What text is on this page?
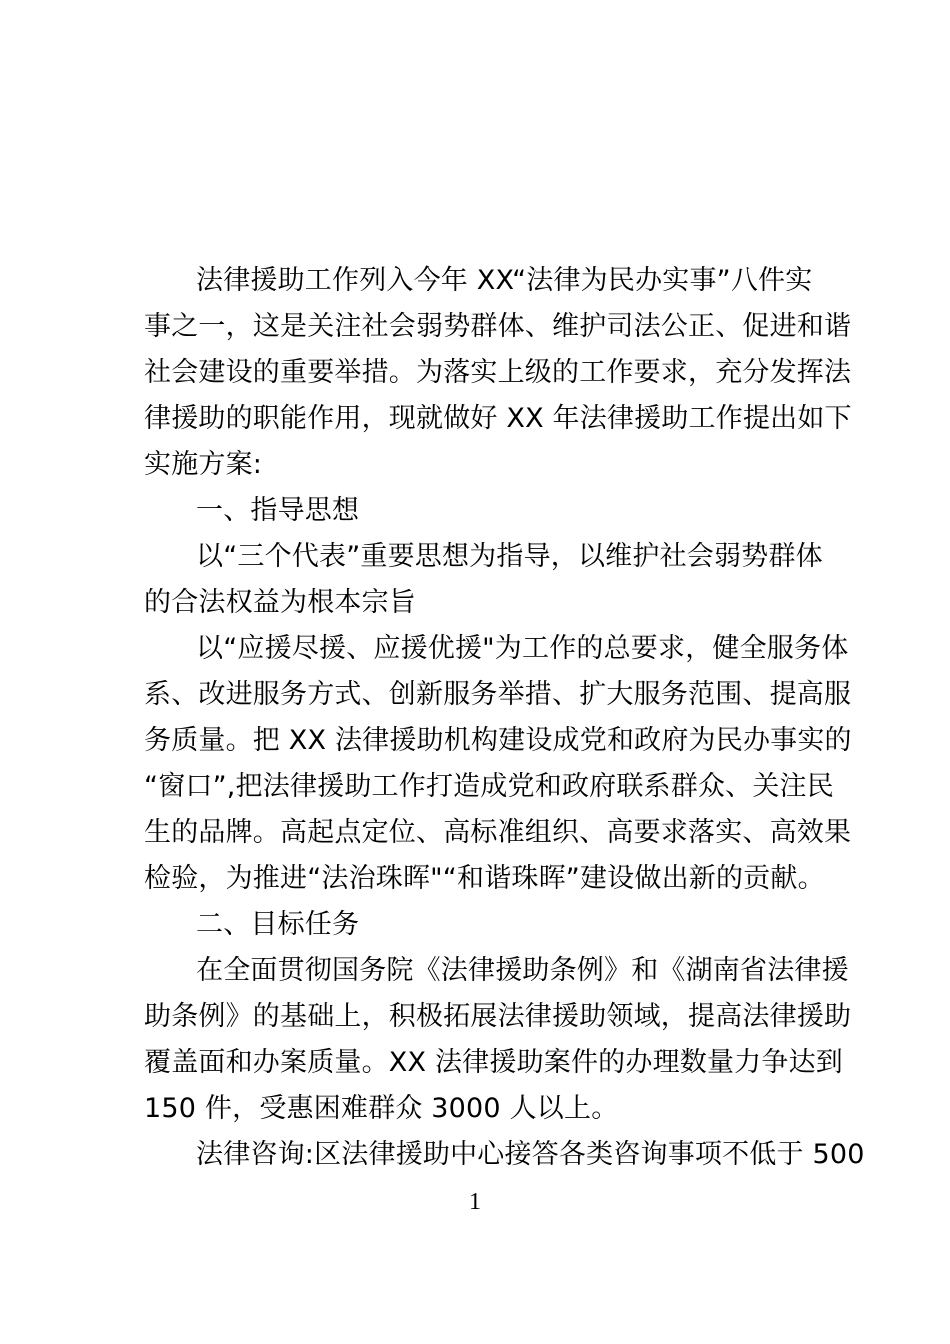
法律援助工作列入今年 XX“法律为民办实事”八件实
事之一，这是关注社会弱势群体、维护司法公正、促进和谐
社会建设的重要举措。为落实上级的工作要求，充分发挥法
律援助的职能作用，现就做好 XX 年法律援助工作提出如下
实施方案:
一、指导思想
以“三个代表”重要思想为指导，以维护社会弱势群体
的合法权益为根本宗旨
以“应援尽援、应援优援"为工作的总要求，健全服务体
系、改进服务方式、创新服务举措、扩大服务范围、提高服
务质量。把 XX 法律援助机构建设成党和政府为民办事实的
“窗口”,把法律援助工作打造成党和政府联系群众、关注民
生的品牌。高起点定位、高标准组织、高要求落实、高效果
检验，为推进“法治珠晖"“和谐珠晖”建设做出新的贡献。
二、目标任务
在全面贯彻国务院《法律援助条例》和《湖南省法律援
助条例》的基础上，积极拓展法律援助领域，提高法律援助
覆盖面和办案质量。XX 法律援助案件的办理数量力争达到
150 件，受惠困难群众 3000 人以上。
法律咨询:区法律援助中心接答各类咨询事项不低于 500
1
